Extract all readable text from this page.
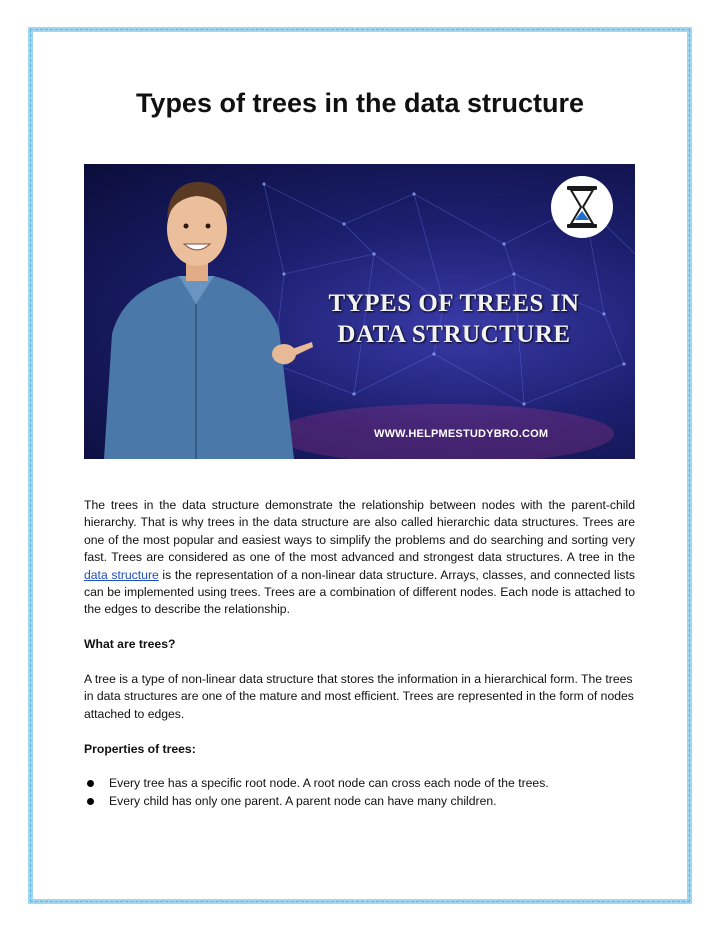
Types of trees in the data structure
TYPES OF TREES IN
DATA STRUCTURE
WWW.HELPMESTUDYBRO.COM

The trees in the data structure demonstrate the relationship between nodes with the parent-child hierarchy. That is why trees in the data structure are also called hierarchic data structures. Trees are one of the most popular and easiest ways to simplify the problems and do searching and sorting very fast. Trees are considered as one of the most advanced and strongest data structures. A tree in the data structure is the representation of a non-linear data structure. Arrays, classes, and connected lists can be implemented using trees. Trees are a combination of different nodes. Each node is attached to the edges to describe the relationship.

What are trees?

A tree is a type of non-linear data structure that stores the information in a hierarchical form. The trees in data structures are one of the mature and most efficient. Trees are represented in the form of nodes attached to edges.

Properties of trees:

Every tree has a specific root node. A root node can cross each node of the trees.
Every child has only one parent. A parent node can have many children.
